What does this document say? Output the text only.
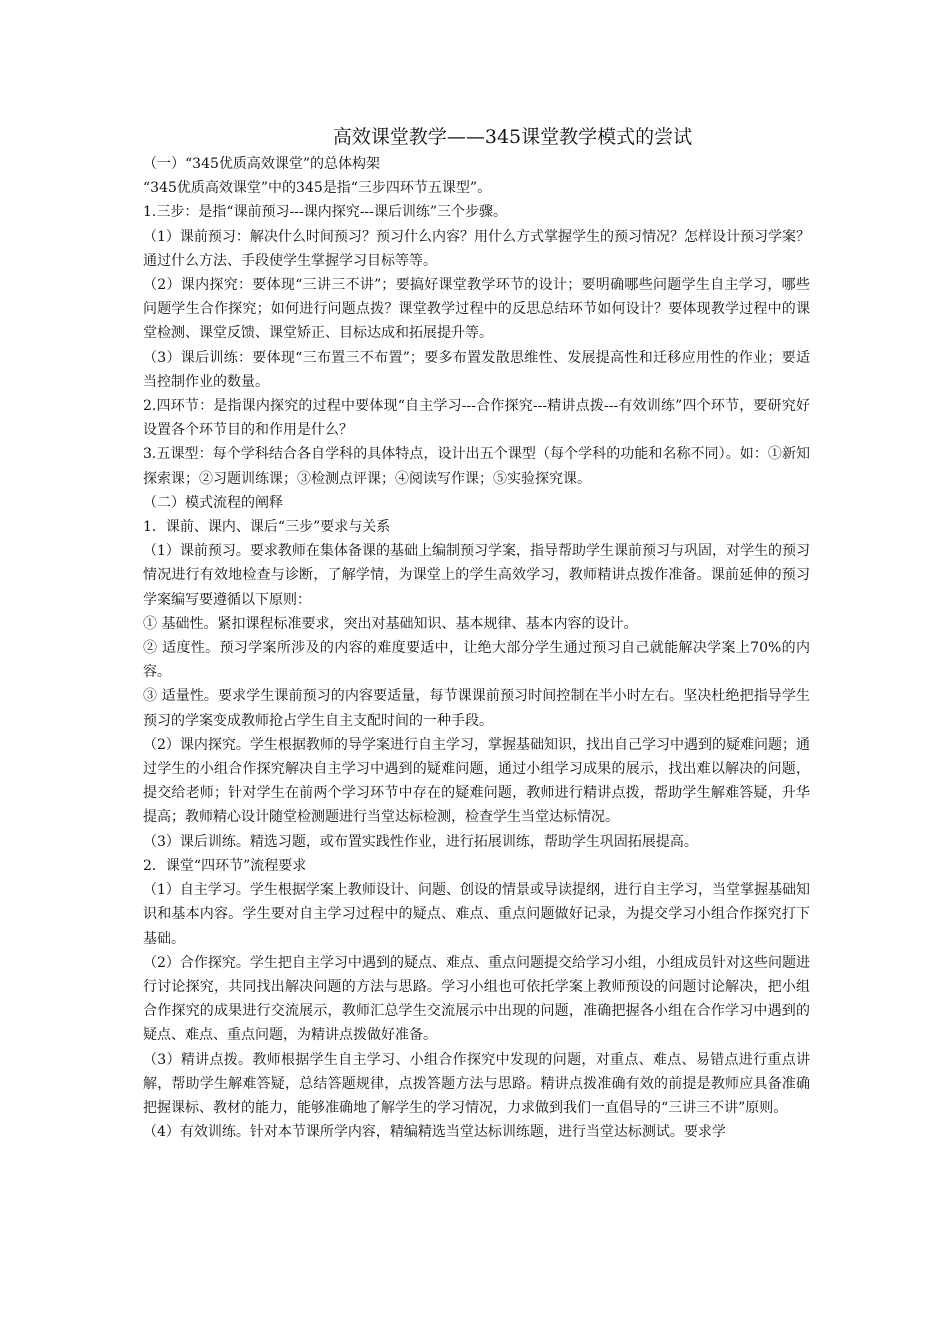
高效课堂教学——345课堂教学模式的尝试

（一）“345优质高效课堂”的总体构架

“345优质高效课堂”中的345是指“三步四环节五课型”。

1.三步：是指“课前预习---课内探究---课后训练”三个步骤。

（1）课前预习：解决什么时间预习？预习什么内容？用什么方式掌握学生的预习情况？怎样设计预习学案？通过什么方法、手段使学生掌握学习目标等等。

（2）课内探究：要体现“三讲三不讲”；要搞好课堂教学环节的设计；要明确哪些问题学生自主学习，哪些问题学生合作探究；如何进行问题点拨？课堂教学过程中的反思总结环节如何设计？要体现教学过程中的课堂检测、课堂反馈、课堂矫正、目标达成和拓展提升等。

（3）课后训练：要体现“三布置三不布置”；要多布置发散思维性、发展提高性和迁移应用性的作业；要适当控制作业的数量。

2.四环节：是指课内探究的过程中要体现“自主学习---合作探究---精讲点拨---有效训练”四个环节，要研究好设置各个环节目的和作用是什么？

3.五课型：每个学科结合各自学科的具体特点，设计出五个课型（每个学科的功能和名称不同）。如：①新知探索课；②习题训练课；③检测点评课；④阅读写作课；⑤实验探究课。

（二）模式流程的阐释

1．课前、课内、课后“三步”要求与关系

（1）课前预习。要求教师在集体备课的基础上编制预习学案，指导帮助学生课前预习与巩固，对学生的预习情况进行有效地检查与诊断，了解学情，为课堂上的学生高效学习，教师精讲点拨作准备。课前延伸的预习学案编写要遵循以下原则：

① 基础性。紧扣课程标准要求，突出对基础知识、基本规律、基本内容的设计。

② 适度性。预习学案所涉及的内容的难度要适中，让绝大部分学生通过预习自己就能解决学案上70%的内容。

③ 适量性。要求学生课前预习的内容要适量，每节课课前预习时间控制在半小时左右。坚决杜绝把指导学生预习的学案变成教师抢占学生自主支配时间的一种手段。

（2）课内探究。学生根据教师的导学案进行自主学习，掌握基础知识，找出自己学习中遇到的疑难问题；通过学生的小组合作探究解决自主学习中遇到的疑难问题，通过小组学习成果的展示，找出难以解决的问题，提交给老师；针对学生在前两个学习环节中存在的疑难问题，教师进行精讲点拨，帮助学生解难答疑，升华提高；教师精心设计随堂检测题进行当堂达标检测，检查学生当堂达标情况。

（3）课后训练。精选习题，或布置实践性作业，进行拓展训练，帮助学生巩固拓展提高。

2．课堂“四环节”流程要求

（1）自主学习。学生根据学案上教师设计、问题、创设的情景或导读提纲，进行自主学习，当堂掌握基础知识和基本内容。学生要对自主学习过程中的疑点、难点、重点问题做好记录，为提交学习小组合作探究打下基础。

（2）合作探究。学生把自主学习中遇到的疑点、难点、重点问题提交给学习小组，小组成员针对这些问题进行讨论探究，共同找出解决问题的方法与思路。学习小组也可依托学案上教师预设的问题讨论解决，把小组合作探究的成果进行交流展示，教师汇总学生交流展示中出现的问题，准确把握各小组在合作学习中遇到的疑点、难点、重点问题，为精讲点拨做好准备。

（3）精讲点拨。教师根据学生自主学习、小组合作探究中发现的问题，对重点、难点、易错点进行重点讲解，帮助学生解难答疑，总结答题规律，点拨答题方法与思路。精讲点拨准确有效的前提是教师应具备准确把握课标、教材的能力，能够准确地了解学生的学习情况，力求做到我们一直倡导的“三讲三不讲”原则。

（4）有效训练。针对本节课所学内容，精编精选当堂达标训练题，进行当堂达标测试。要求学
